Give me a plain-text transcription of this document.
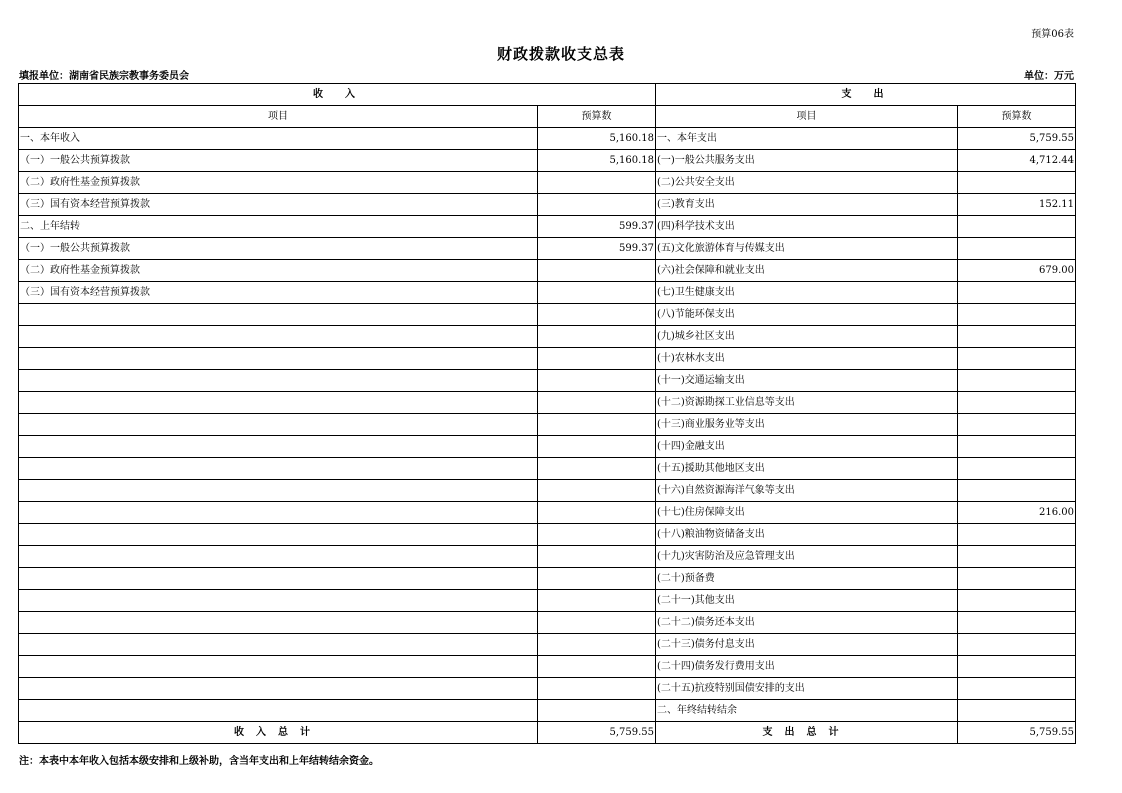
预算06表
财政拨款收支总表
填报单位：湖南省民族宗教事务委员会	单位：万元
收　入		支　出	
项目	预算数	项目	预算数
一、本年收入	5,160.18	一、本年支出	5,759.55
（一）一般公共预算拨款	5,160.18	(一)一般公共服务支出	4,712.44
（二）政府性基金预算拨款		(二)公共安全支出	
（三）国有资本经营预算拨款		(三)教育支出	152.11
二、上年结转	599.37	(四)科学技术支出	
（一）一般公共预算拨款	599.37	(五)文化旅游体育与传媒支出	
（二）政府性基金预算拨款		(六)社会保障和就业支出	679.00
（三）国有资本经营预算拨款		(七)卫生健康支出	
		(八)节能环保支出	
		(九)城乡社区支出	
		(十)农林水支出	
		(十一)交通运输支出	
		(十二)资源勘探工业信息等支出	
		(十三)商业服务业等支出	
		(十四)金融支出	
		(十五)援助其他地区支出	
		(十六)自然资源海洋气象等支出	
		(十七)住房保障支出	216.00
		(十八)粮油物资储备支出	
		(十九)灾害防治及应急管理支出	
		(二十)预备费	
		(二十一)其他支出	
		(二十二)债务还本支出	
		(二十三)债务付息支出	
		(二十四)债务发行费用支出	
		(二十五)抗疫特别国债安排的支出	
		二、年终结转结余	
收入总计	5,759.55	支出总计	5,759.55
注：本表中本年收入包括本级安排和上级补助，含当年支出和上年结转结余资金。
